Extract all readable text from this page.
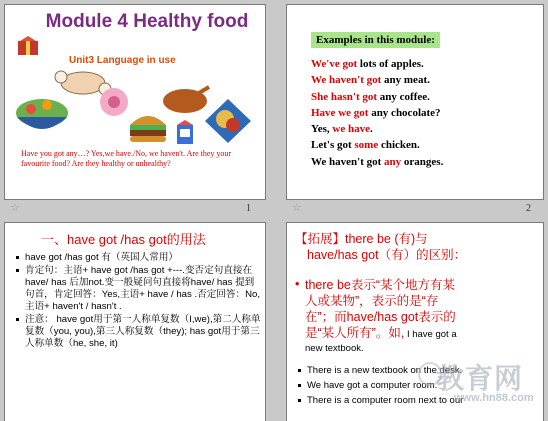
Module 4 Healthy food
Unit3 Language in use
Have you got any…? Yes,we have./No, we haven't. Are they your favourite food? Are they healthy or unhealthy?
☆	1
Examples in this module:
We've got lots of apples.
We haven't got any meat.
She hasn't got any coffee.
Have we got any chocolate?
Yes, we have.
Let's got some chicken.
We haven't got any oranges.
☆	2
一、have got /has got的用法
have got /has got 有（英国人常用）
肯定句：主语+ have got /has got +---.变否定句直接在have/ has 后加not.变一般疑问句直接将have/ has 提到句首，肯定回答：Yes,主语+ have / has .否定回答：No,主语+ haven't / hasn't .
注意： have got用于第一人称单复数（I,we),第二人称单复数（you, you),第三人称复数（they); has got用于第三人称单数（he, she, it)
【拓展】there be (有)与
have/has got（有）的区别：
• there be表示“某个地方有某
人或某物”，表示的是“存
在”；而have/has got表示的
是“某人所有”。如, I have got a
new textbook.
There is a new textbook on the desk.
We have got a computer room.
There is a computer room next to our
教育网
www.hn88.com
